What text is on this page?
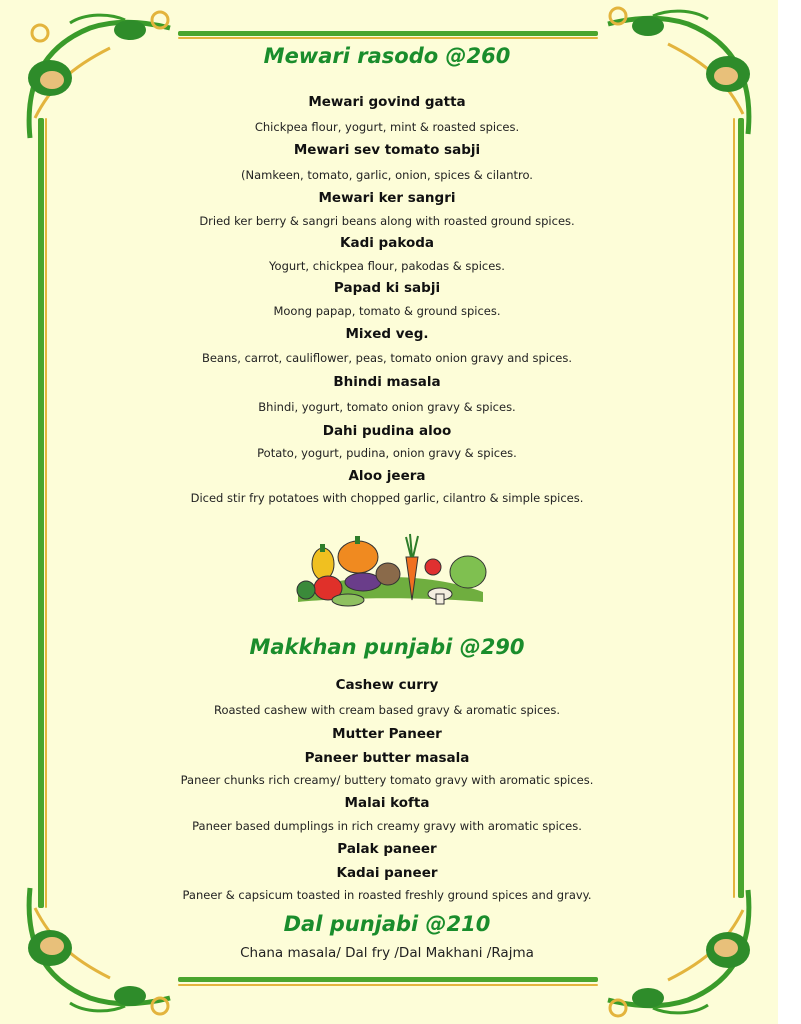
Mewari rasodo @260
Mewari govind gatta
Chickpea flour, yogurt, mint & roasted spices.
Mewari sev tomato sabji
(Namkeen, tomato, garlic, onion, spices & cilantro.
Mewari ker sangri
Dried ker berry & sangri beans along with roasted ground spices.
Kadi pakoda
Yogurt, chickpea flour, pakodas & spices.
Papad ki sabji
Moong papap, tomato & ground spices.
Mixed veg.
Beans, carrot, cauliflower, peas, tomato onion gravy and spices.
Bhindi masala
Bhindi, yogurt, tomato onion gravy & spices.
Dahi pudina aloo
Potato, yogurt, pudina, onion gravy & spices.
Aloo jeera
Diced stir fry potatoes with chopped garlic, cilantro & simple spices.
Makkhan punjabi @290
Cashew curry
Roasted cashew with cream based gravy & aromatic spices.
Mutter Paneer
Paneer butter masala
Paneer chunks rich creamy/ buttery tomato gravy with aromatic spices.
Malai kofta
Paneer based dumplings in rich creamy gravy with aromatic spices.
Palak paneer
Kadai paneer
Paneer & capsicum toasted in roasted freshly ground spices and gravy.
Dal punjabi @210
Chana masala/ Dal fry /Dal Makhani /Rajma
